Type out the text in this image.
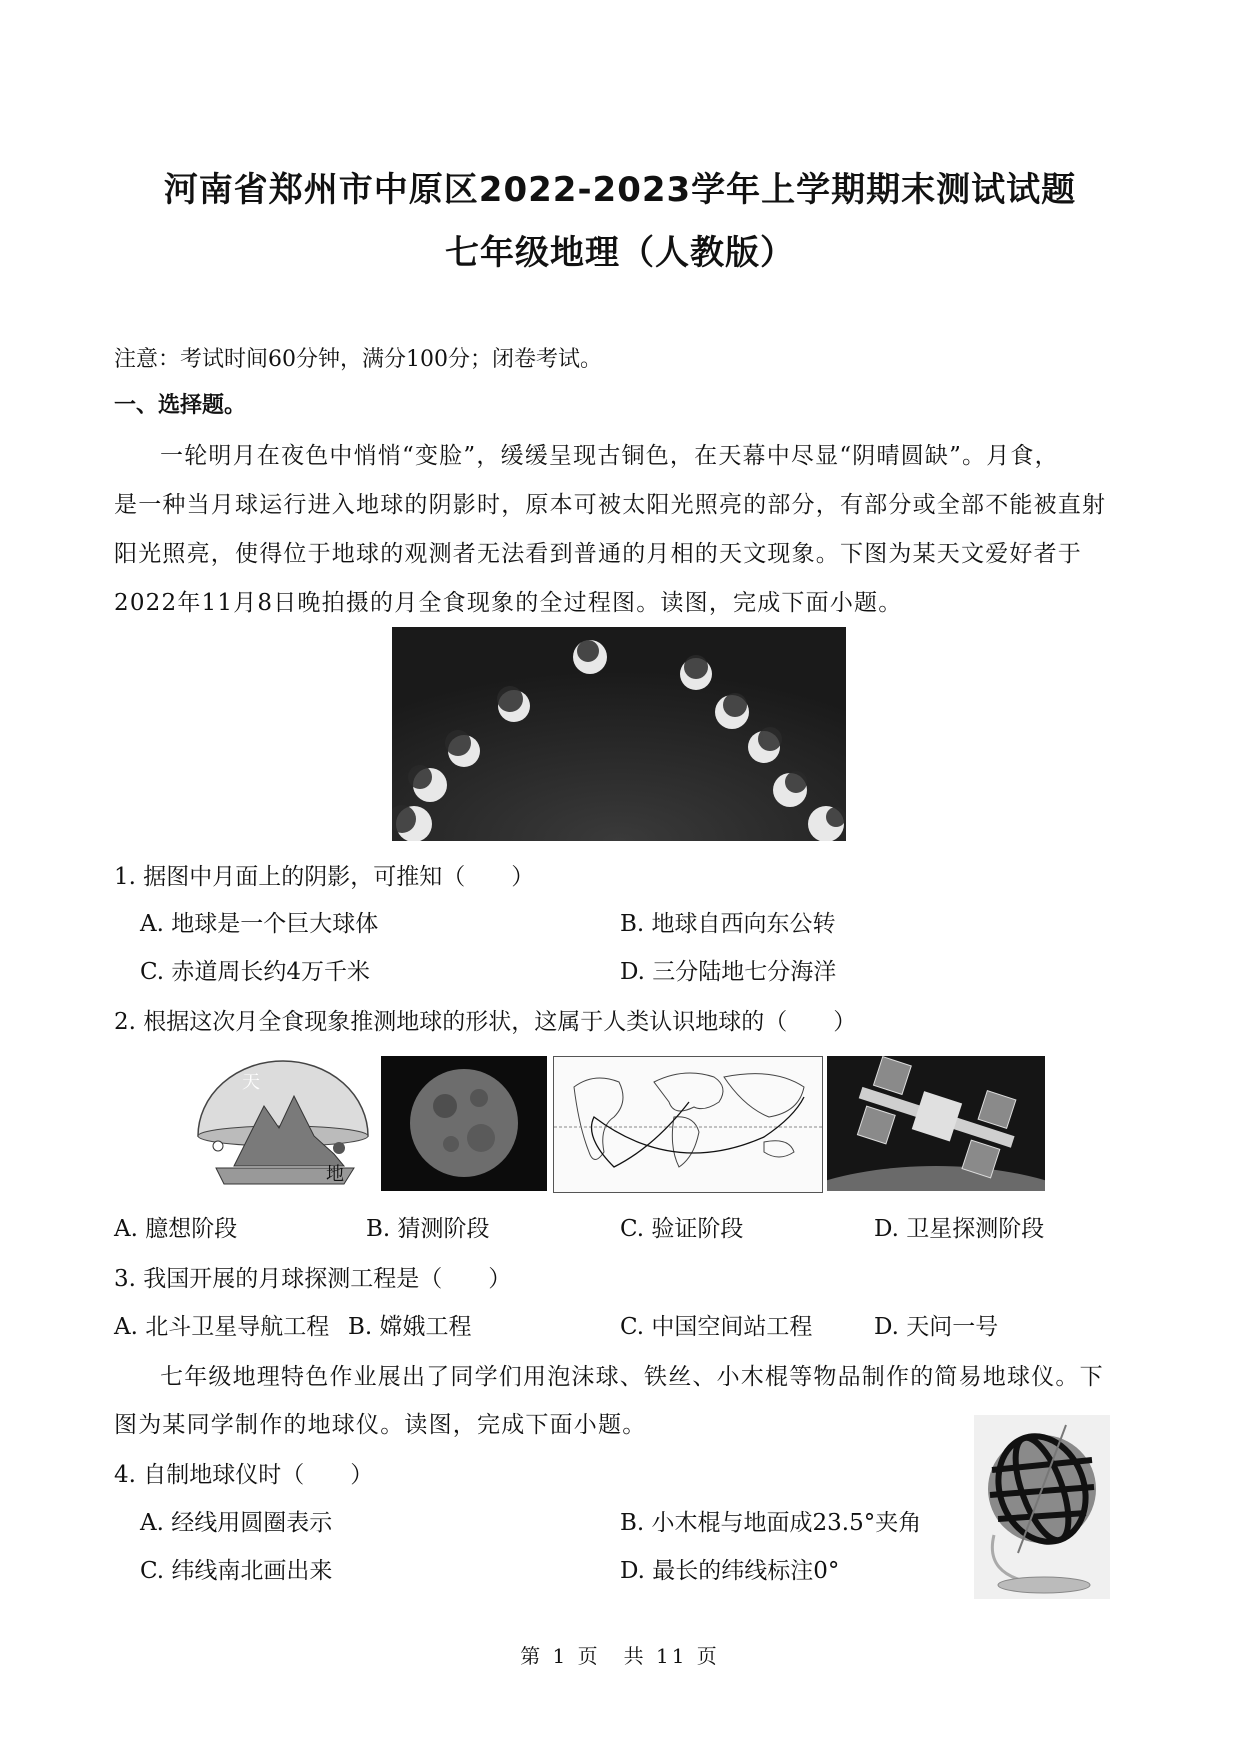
河南省郑州市中原区2022-2023学年上学期期末测试试题
七年级地理（人教版）
注意：考试时间60分钟，满分100分；闭卷考试。
一、选择题。
一轮明月在夜色中悄悄“变脸”，缓缓呈现古铜色，在天幕中尽显“阴晴圆缺”。月食，
是一种当月球运行进入地球的阴影时，原本可被太阳光照亮的部分，有部分或全部不能被直射
阳光照亮，使得位于地球的观测者无法看到普通的月相的天文现象。下图为某天文爱好者于
2022年11月8日晚拍摄的月全食现象的全过程图。读图，完成下面小题。
1. 据图中月面上的阴影，可推知（　　）
A. 地球是一个巨大球体	B. 地球自西向东公转
C. 赤道周长约4万千米	D. 三分陆地七分海洋
2. 根据这次月全食现象推测地球的形状，这属于人类认识地球的（　　）
天
地
A. 臆想阶段	B. 猜测阶段	C. 验证阶段	D. 卫星探测阶段
3. 我国开展的月球探测工程是（　　）
A. 北斗卫星导航工程 B. 嫦娥工程	C. 中国空间站工程	D. 天问一号
七年级地理特色作业展出了同学们用泡沫球、铁丝、小木棍等物品制作的简易地球仪。下
图为某同学制作的地球仪。读图，完成下面小题。
4. 自制地球仪时（　　）
A. 经线用圆圈表示	B. 小木棍与地面成23.5°夹角
C. 纬线南北画出来	D. 最长的纬线标注0°
第 1 页　共 11 页
